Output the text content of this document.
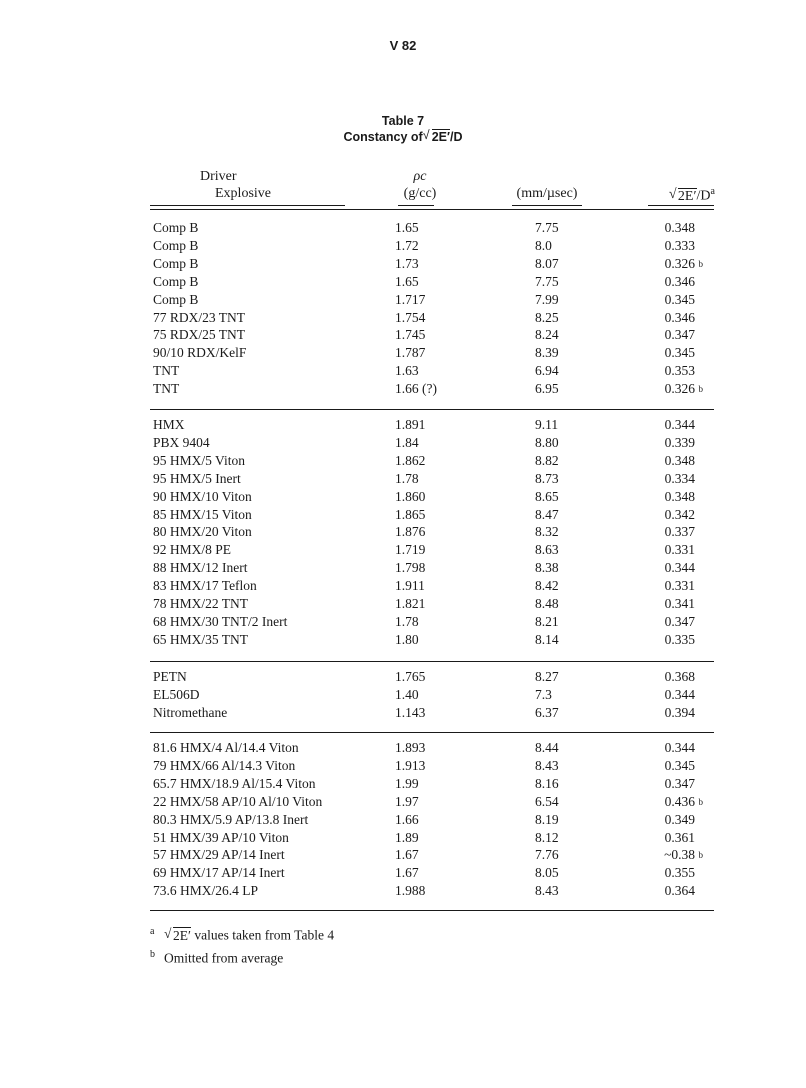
V 82
Table 7
Constancy of √ 2E′/D
Driver
Explosive
ρc
(g/cc)	(mm/µsec)	√ $2E'/D^a$
Comp B	1.65	7.75	0.348
Comp B	1.72	8.0	0.333
Comp B	1.73	8.07	0.326 b
Comp B	1.65	7.75	0.346
Comp B	1.717	7.99	0.345
77 RDX/23 TNT	1.754	8.25	0.346
75 RDX/25 TNT	1.745	8.24	0.347
90/10 RDX/KelF	1.787	8.39	0.345
TNT	1.63	6.94	0.353
TNT	1.66 (?)	6.95	0.326 b
HMX	1.891	9.11	0.344
PBX 9404	1.84	8.80	0.339
95 HMX/5 Viton	1.862	8.82	0.348
95 HMX/5 Inert	1.78	8.73	0.334
90 HMX/10 Viton	1.860	8.65	0.348
85 HMX/15 Viton	1.865	8.47	0.342
80 HMX/20 Viton	1.876	8.32	0.337
92 HMX/8 PE	1.719	8.63	0.331
88 HMX/12 Inert	1.798	8.38	0.344
83 HMX/17 Teflon	1.911	8.42	0.331
78 HMX/22 TNT	1.821	8.48	0.341
68 HMX/30 TNT/2 Inert	1.78	8.21	0.347
65 HMX/35 TNT	1.80	8.14	0.335
PETN	1.765	8.27	0.368
EL506D	1.40	7.3	0.344
Nitromethane	1.143	6.37	0.394
81.6 HMX/4 Al/14.4 Viton	1.893	8.44	0.344
79 HMX/66 Al/14.3 Viton	1.913	8.43	0.345
65.7 HMX/18.9 Al/15.4 Viton	1.99	8.16	0.347
22 HMX/58 AP/10 Al/10 Viton	1.97	6.54	0.436 b
80.3 HMX/5.9 AP/13.8 Inert	1.66	8.19	0.349
51 HMX/39 AP/10 Viton	1.89	8.12	0.361
57 HMX/29 AP/14 Inert	1.67	7.76	~0.38 b
69 HMX/17 AP/14 Inert	1.67	8.05	0.355
73.6 HMX/26.4 LP	1.988	8.43	0.364
a √ 2E′ values taken from Table 4
b Omitted from average
